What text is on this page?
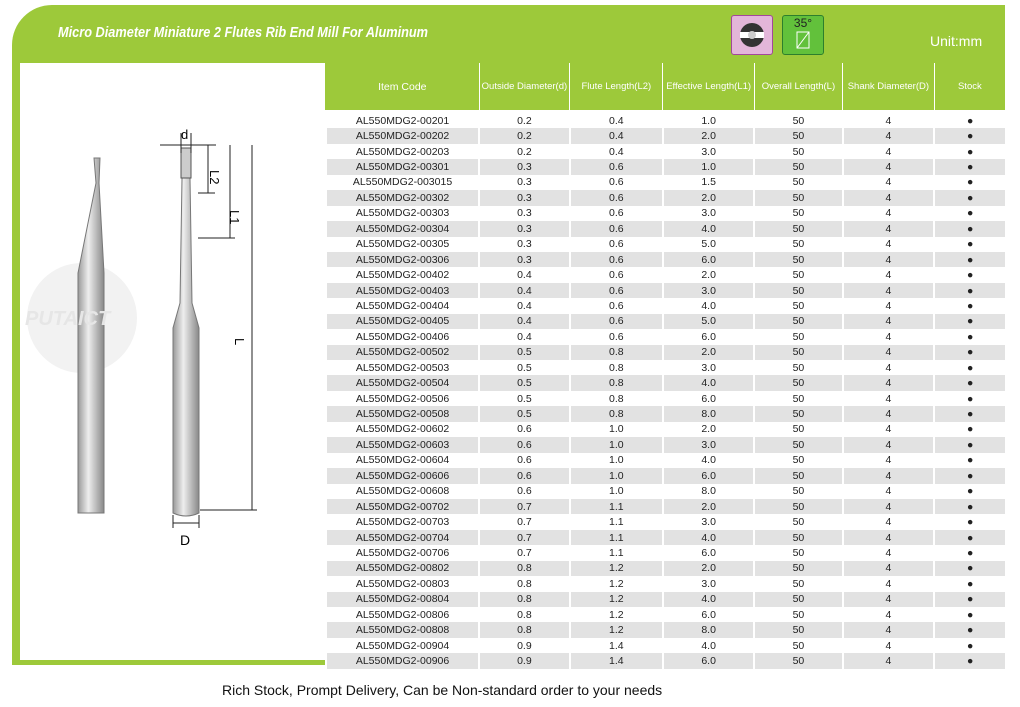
Micro Diameter Miniature 2 Flutes Rib End Mill For Aluminum
35°
Unit:mm
d
L2
L1
L
D
PUTAICT
Item Code	Outside Diameter(d)	Flute Length(L2)	Effective Length(L1)	Overall Length(L)	Shank Diameter(D)	Stock
AL550MDG2-00201	0.2	0.4	1.0	50	4	●
AL550MDG2-00202	0.2	0.4	2.0	50	4	●
AL550MDG2-00203	0.2	0.4	3.0	50	4	●
AL550MDG2-00301	0.3	0.6	1.0	50	4	●
AL550MDG2-003015	0.3	0.6	1.5	50	4	●
AL550MDG2-00302	0.3	0.6	2.0	50	4	●
AL550MDG2-00303	0.3	0.6	3.0	50	4	●
AL550MDG2-00304	0.3	0.6	4.0	50	4	●
AL550MDG2-00305	0.3	0.6	5.0	50	4	●
AL550MDG2-00306	0.3	0.6	6.0	50	4	●
AL550MDG2-00402	0.4	0.6	2.0	50	4	●
AL550MDG2-00403	0.4	0.6	3.0	50	4	●
AL550MDG2-00404	0.4	0.6	4.0	50	4	●
AL550MDG2-00405	0.4	0.6	5.0	50	4	●
AL550MDG2-00406	0.4	0.6	6.0	50	4	●
AL550MDG2-00502	0.5	0.8	2.0	50	4	●
AL550MDG2-00503	0.5	0.8	3.0	50	4	●
AL550MDG2-00504	0.5	0.8	4.0	50	4	●
AL550MDG2-00506	0.5	0.8	6.0	50	4	●
AL550MDG2-00508	0.5	0.8	8.0	50	4	●
AL550MDG2-00602	0.6	1.0	2.0	50	4	●
AL550MDG2-00603	0.6	1.0	3.0	50	4	●
AL550MDG2-00604	0.6	1.0	4.0	50	4	●
AL550MDG2-00606	0.6	1.0	6.0	50	4	●
AL550MDG2-00608	0.6	1.0	8.0	50	4	●
AL550MDG2-00702	0.7	1.1	2.0	50	4	●
AL550MDG2-00703	0.7	1.1	3.0	50	4	●
AL550MDG2-00704	0.7	1.1	4.0	50	4	●
AL550MDG2-00706	0.7	1.1	6.0	50	4	●
AL550MDG2-00802	0.8	1.2	2.0	50	4	●
AL550MDG2-00803	0.8	1.2	3.0	50	4	●
AL550MDG2-00804	0.8	1.2	4.0	50	4	●
AL550MDG2-00806	0.8	1.2	6.0	50	4	●
AL550MDG2-00808	0.8	1.2	8.0	50	4	●
AL550MDG2-00904	0.9	1.4	4.0	50	4	●
AL550MDG2-00906	0.9	1.4	6.0	50	4	●
Rich Stock, Prompt Delivery, Can be Non-standard order to your needs
